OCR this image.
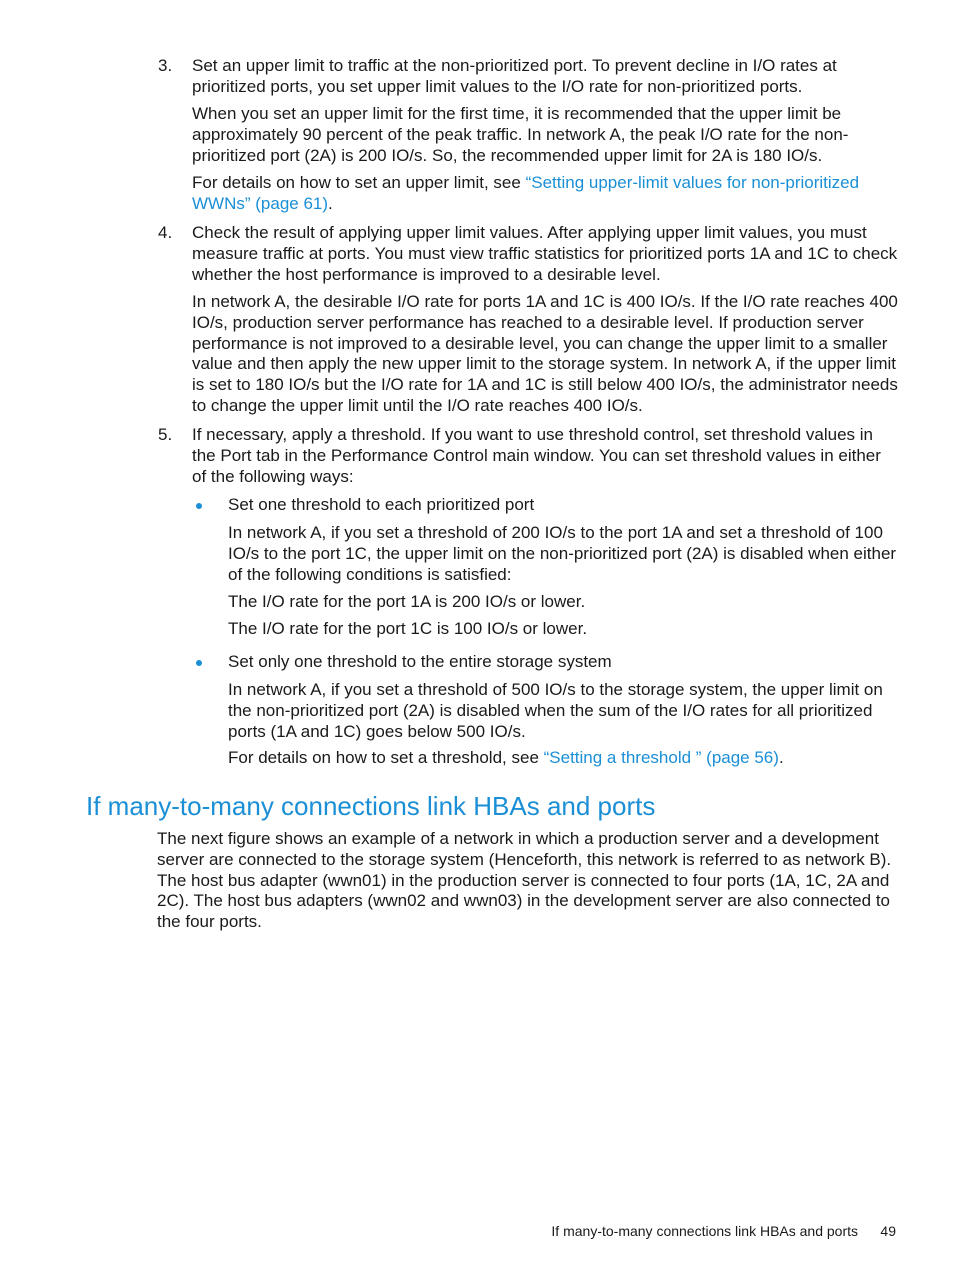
3. Set an upper limit to traffic at the non-prioritized port. To prevent decline in I/O rates at prioritized ports, you set upper limit values to the I/O rate for non-prioritized ports.

When you set an upper limit for the first time, it is recommended that the upper limit be approximately 90 percent of the peak traffic. In network A, the peak I/O rate for the non-prioritized port (2A) is 200 IO/s. So, the recommended upper limit for 2A is 180 IO/s.

For details on how to set an upper limit, see “Setting upper-limit values for non-prioritized WWNs” (page 61).

4. Check the result of applying upper limit values. After applying upper limit values, you must measure traffic at ports. You must view traffic statistics for prioritized ports 1A and 1C to check whether the host performance is improved to a desirable level.

In network A, the desirable I/O rate for ports 1A and 1C is 400 IO/s. If the I/O rate reaches 400 IO/s, production server performance has reached to a desirable level. If production server performance is not improved to a desirable level, you can change the upper limit to a smaller value and then apply the new upper limit to the storage system. In network A, if the upper limit is set to 180 IO/s but the I/O rate for 1A and 1C is still below 400 IO/s, the administrator needs to change the upper limit until the I/O rate reaches 400 IO/s.

5. If necessary, apply a threshold. If you want to use threshold control, set threshold values in the Port tab in the Performance Control main window. You can set threshold values in either of the following ways:

Set one threshold to each prioritized port

In network A, if you set a threshold of 200 IO/s to the port 1A and set a threshold of 100 IO/s to the port 1C, the upper limit on the non-prioritized port (2A) is disabled when either of the following conditions is satisfied:

The I/O rate for the port 1A is 200 IO/s or lower.

The I/O rate for the port 1C is 100 IO/s or lower.

Set only one threshold to the entire storage system

In network A, if you set a threshold of 500 IO/s to the storage system, the upper limit on the non-prioritized port (2A) is disabled when the sum of the I/O rates for all prioritized ports (1A and 1C) goes below 500 IO/s.

For details on how to set a threshold, see “Setting a threshold ” (page 56).

If many-to-many connections link HBAs and ports

The next figure shows an example of a network in which a production server and a development server are connected to the storage system (Henceforth, this network is referred to as network B). The host bus adapter (wwn01) in the production server is connected to four ports (1A, 1C, 2A and 2C). The host bus adapters (wwn02 and wwn03) in the development server are also connected to the four ports.

If many-to-many connections link HBAs and ports 49
